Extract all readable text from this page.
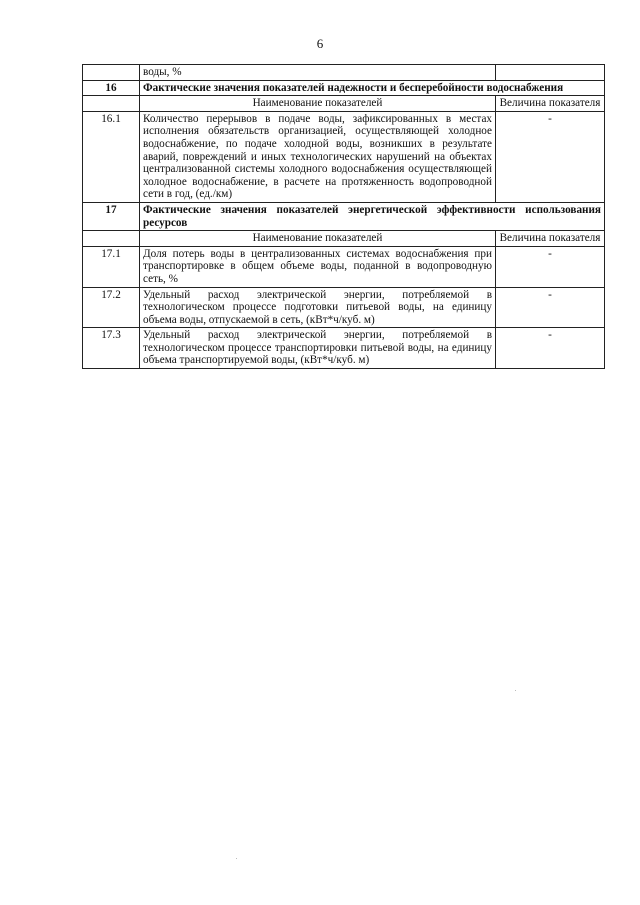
6
	воды, %	
16	Фактические значения показателей надежности и бесперебойности водоснабжения	
	Наименование показателей	Величина показателя
16.1	Количество перерывов в подаче воды, зафиксированных в местах исполнения обязательств организацией, осуществляющей холодное водоснабжение, по подаче холодной воды, возникших в результате аварий, повреждений и иных технологических нарушений на объектах централизованной системы холодного водоснабжения осуществляющей холодное водоснабжение, в расчете на протяженность водопроводной сети в год, (ед./км)	-
17	Фактические значения показателей энергетической эффективности использования ресурсов	
	Наименование показателей	Величина показателя
17.1	Доля потерь воды в централизованных системах водоснабжения при транспортировке в общем объеме воды, поданной в водопроводную сеть, %	-
17.2	Удельный расход электрической энергии, потребляемой в технологическом процессе подготовки питьевой воды, на единицу объема воды, отпускаемой в сеть, (кВт*ч/куб. м)	-
17.3	Удельный расход электрической энергии, потребляемой в технологическом процессе транспортировки питьевой воды, на единицу объема транспортируемой воды, (кВт*ч/куб. м)	-
